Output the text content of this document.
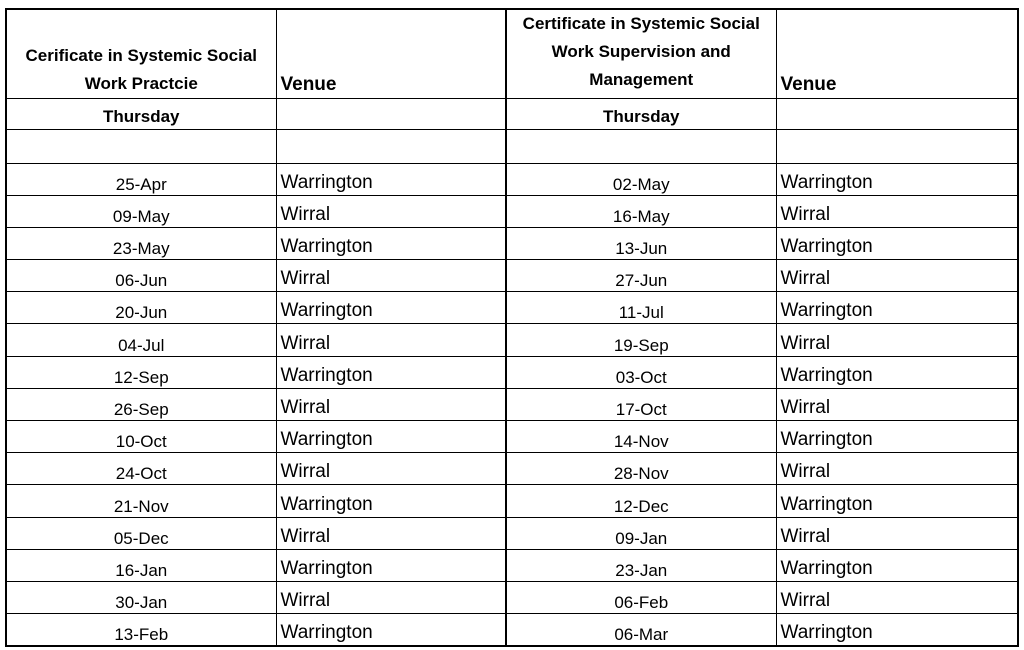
Cerificate in Systemic Social Work Practcie	Venue	Certificate in Systemic Social Work Supervision and Management	Venue
Thursday		Thursday	

25-Apr	Warrington	02-May	Warrington
09-May	Wirral	16-May	Wirral
23-May	Warrington	13-Jun	Warrington
06-Jun	Wirral	27-Jun	Wirral
20-Jun	Warrington	11-Jul	Warrington
04-Jul	Wirral	19-Sep	Wirral
12-Sep	Warrington	03-Oct	Warrington
26-Sep	Wirral	17-Oct	Wirral
10-Oct	Warrington	14-Nov	Warrington
24-Oct	Wirral	28-Nov	Wirral
21-Nov	Warrington	12-Dec	Warrington
05-Dec	Wirral	09-Jan	Wirral
16-Jan	Warrington	23-Jan	Warrington
30-Jan	Wirral	06-Feb	Wirral
13-Feb	Warrington	06-Mar	Warrington
